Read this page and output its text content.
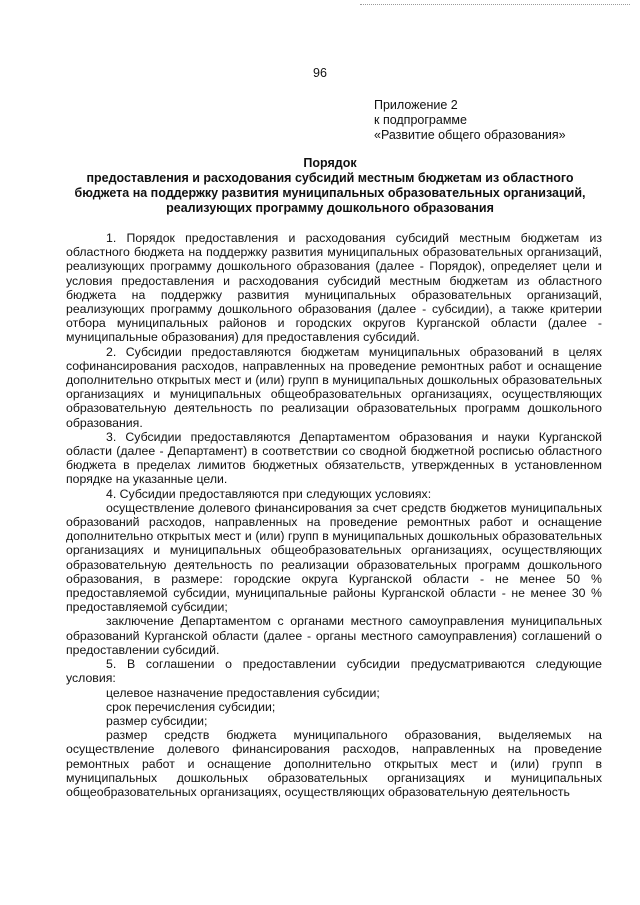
96
Приложение 2
к подпрограмме
«Развитие общего образования»
Порядок
предоставления и расходования субсидий местным бюджетам из областного
бюджета на поддержку развития муниципальных образовательных организаций,
реализующих программу дошкольного образования

1. Порядок предоставления и расходования субсидий местным бюджетам из областного бюджета на поддержку развития муниципальных образовательных организаций, реализующих программу дошкольного образования (далее - Порядок), определяет цели и условия предоставления и расходования субсидий местным бюджетам из областного бюджета на поддержку развития муниципальных образовательных организаций, реализующих программу дошкольного образования (далее - субсидии), а также критерии отбора муниципальных районов и городских округов Курганской области (далее - муниципальные образования) для предоставления субсидий.

2. Субсидии предоставляются бюджетам муниципальных образований в целях софинансирования расходов, направленных на проведение ремонтных работ и оснащение дополнительно открытых мест и (или) групп в муниципальных дошкольных образовательных организациях и муниципальных общеобразовательных организациях, осуществляющих образовательную деятельность по реализации образовательных программ дошкольного образования.

3. Субсидии предоставляются Департаментом образования и науки Курганской области (далее - Департамент) в соответствии со сводной бюджетной росписью областного бюджета в пределах лимитов бюджетных обязательств, утвержденных в установленном порядке на указанные цели.

4. Субсидии предоставляются при следующих условиях:

осуществление долевого финансирования за счет средств бюджетов муниципальных образований расходов, направленных на проведение ремонтных работ и оснащение дополнительно открытых мест и (или) групп в муниципальных дошкольных образовательных организациях и муниципальных общеобразовательных организациях, осуществляющих образовательную деятельность по реализации образовательных программ дошкольного образования, в размере: городские округа Курганской области - не менее 50 % предоставляемой субсидии, муниципальные районы Курганской области - не менее 30 % предоставляемой субсидии;

заключение Департаментом с органами местного самоуправления муниципальных образований Курганской области (далее - органы местного самоуправления) соглашений о предоставлении субсидий.

5. В соглашении о предоставлении субсидии предусматриваются следующие условия:

целевое назначение предоставления субсидии;

срок перечисления субсидии;

размер субсидии;

размер средств бюджета муниципального образования, выделяемых на осуществление долевого финансирования расходов, направленных на проведение ремонтных работ и оснащение дополнительно открытых мест и (или) групп в муниципальных дошкольных образовательных организациях и муниципальных общеобразовательных организациях, осуществляющих образовательную деятельность
